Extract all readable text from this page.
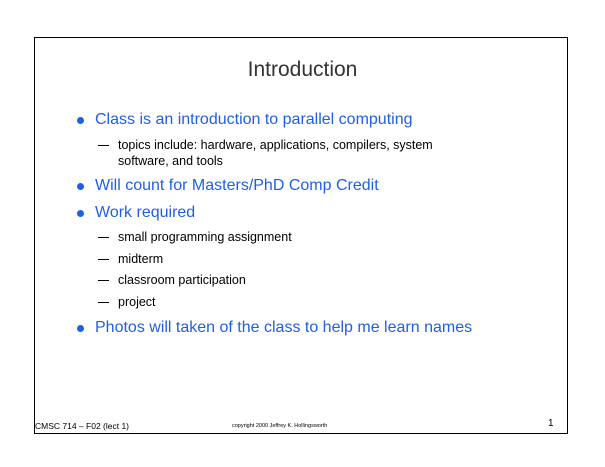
Introduction
Class is an introduction to parallel computing
topics include: hardware, applications, compilers, system
software, and tools
Will count for Masters/PhD Comp Credit
Work required
small programming assignment
midterm
classroom participation
project
Photos will taken of the class to help me learn names
CMSC 714 – F02 (lect 1)	copyright 2000 Jeffrey K. Hollingsworth	1
